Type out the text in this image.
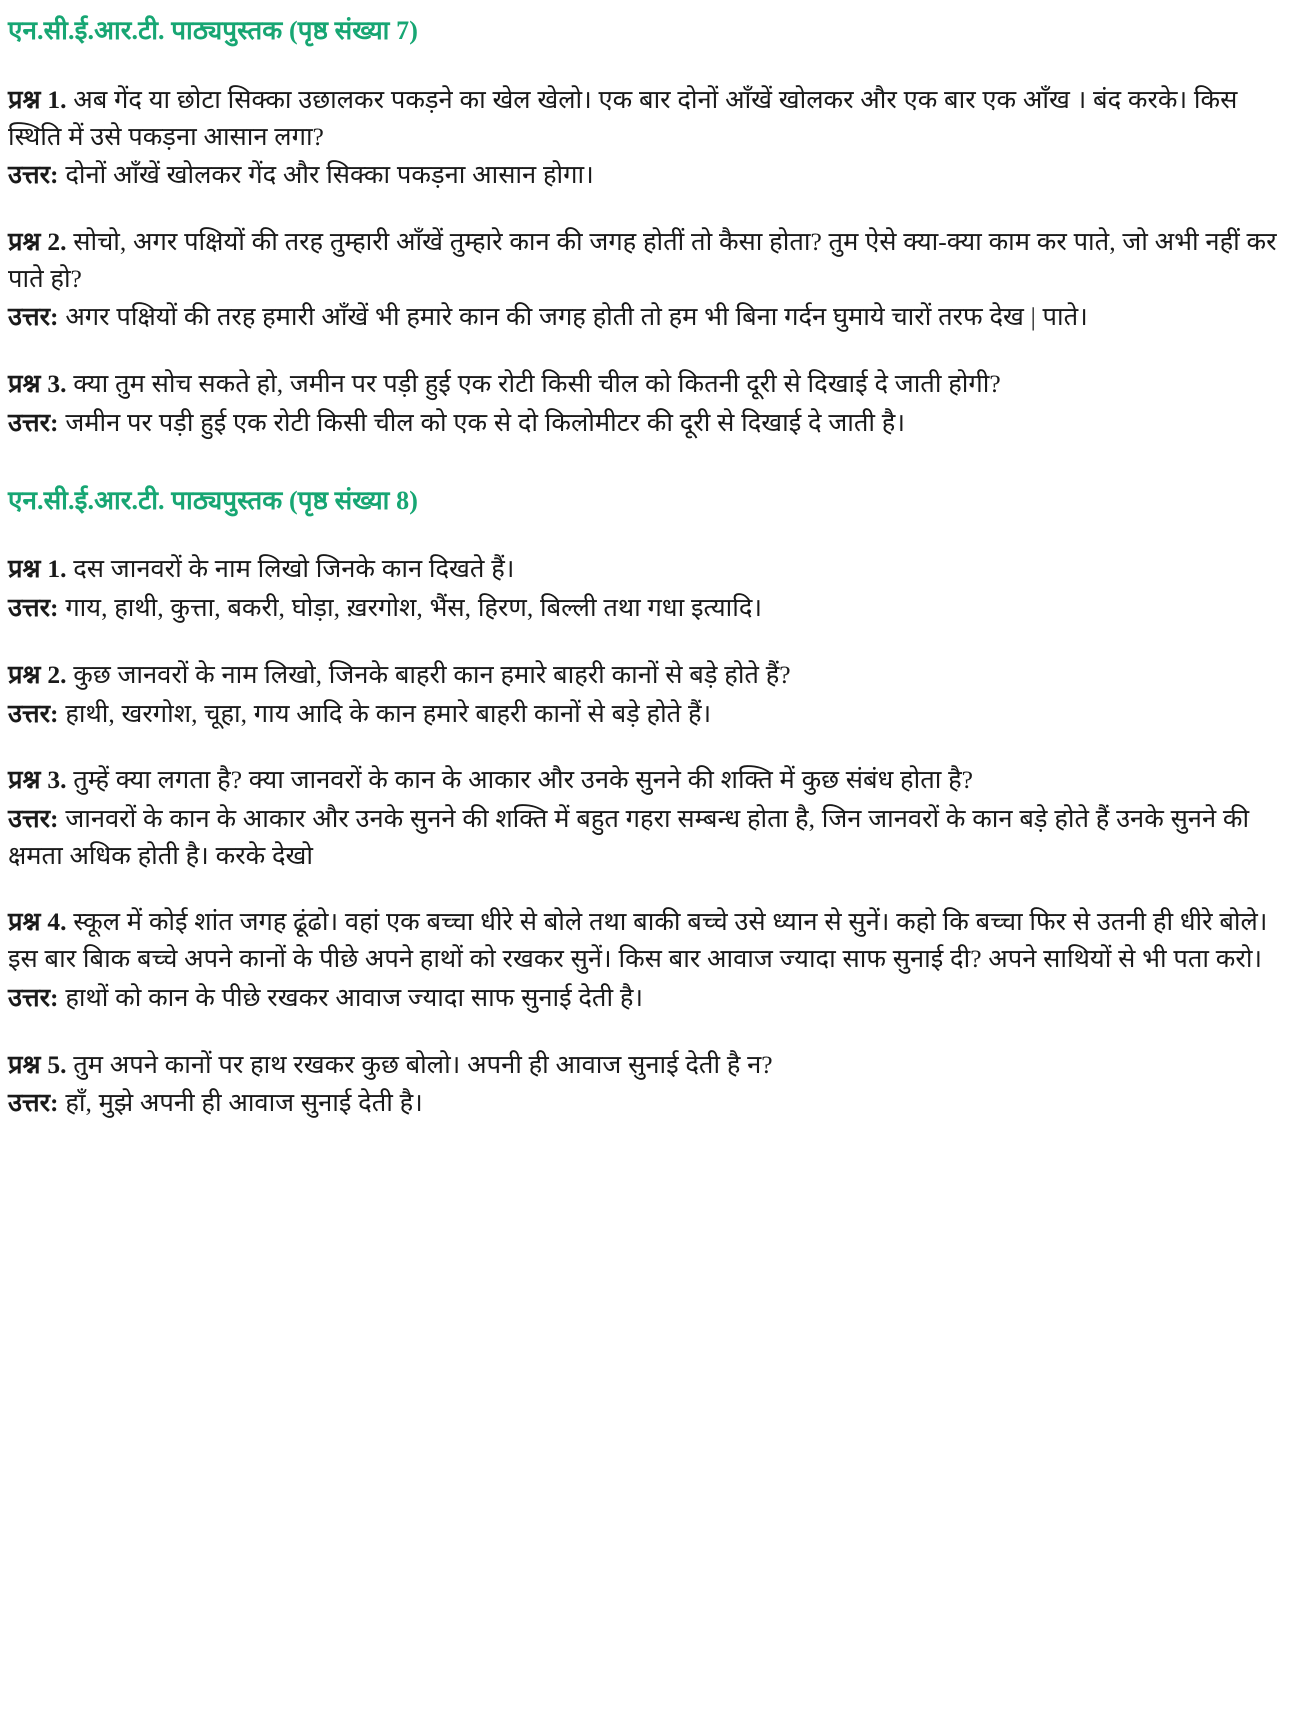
एन.सी.ई.आर.टी. पाठ्यपुस्तक (पृष्ठ संख्या 7)

प्रश्न 1. अब गेंद या छोटा सिक्का उछालकर पकड़ने का खेल खेलो। एक बार दोनों आँखें खोलकर और एक बार एक आँख । बंद करके। किस स्थिति में उसे पकड़ना आसान लगा?

उत्तर: दोनों आँखें खोलकर गेंद और सिक्का पकड़ना आसान होगा।

प्रश्न 2. सोचो, अगर पक्षियों की तरह तुम्हारी आँखें तुम्हारे कान की जगह होतीं तो कैसा होता? तुम ऐसे क्या-क्या काम कर पाते, जो अभी नहीं कर पाते हो?

उत्तर: अगर पक्षियों की तरह हमारी आँखें भी हमारे कान की जगह होती तो हम भी बिना गर्दन घुमाये चारों तरफ देख | पाते।

प्रश्न 3. क्या तुम सोच सकते हो, जमीन पर पड़ी हुई एक रोटी किसी चील को कितनी दूरी से दिखाई दे जाती होगी?

उत्तर: जमीन पर पड़ी हुई एक रोटी किसी चील को एक से दो किलोमीटर की दूरी से दिखाई दे जाती है।

एन.सी.ई.आर.टी. पाठ्यपुस्तक (पृष्ठ संख्या 8)

प्रश्न 1. दस जानवरों के नाम लिखो जिनके कान दिखते हैं।

उत्तर: गाय, हाथी, कुत्ता, बकरी, घोड़ा, ख़रगोश, भैंस, हिरण, बिल्ली तथा गधा इत्यादि।

प्रश्न 2. कुछ जानवरों के नाम लिखो, जिनके बाहरी कान हमारे बाहरी कानों से बड़े होते हैं?

उत्तर: हाथी, खरगोश, चूहा, गाय आदि के कान हमारे बाहरी कानों से बड़े होते हैं।

प्रश्न 3. तुम्हें क्या लगता है? क्या जानवरों के कान के आकार और उनके सुनने की शक्ति में कुछ संबंध होता है?

उत्तर: जानवरों के कान के आकार और उनके सुनने की शक्ति में बहुत गहरा सम्बन्ध होता है, जिन जानवरों के कान बड़े होते हैं उनके सुनने की क्षमता अधिक होती है। करके देखो

प्रश्न 4. स्कूल में कोई शांत जगह ढूंढो। वहां एक बच्चा धीरे से बोले तथा बाकी बच्चे उसे ध्यान से सुनें। कहो कि बच्चा फिर से उतनी ही धीरे बोले। इस बार बािक बच्चे अपने कानों के पीछे अपने हाथों को रखकर सुनें। किस बार आवाज ज्यादा साफ सुनाई दी? अपने साथियों से भी पता करो।

उत्तर: हाथों को कान के पीछे रखकर आवाज ज्यादा साफ सुनाई देती है।

प्रश्न 5. तुम अपने कानों पर हाथ रखकर कुछ बोलो। अपनी ही आवाज सुनाई देती है न?

उत्तर: हाँ, मुझे अपनी ही आवाज सुनाई देती है।
